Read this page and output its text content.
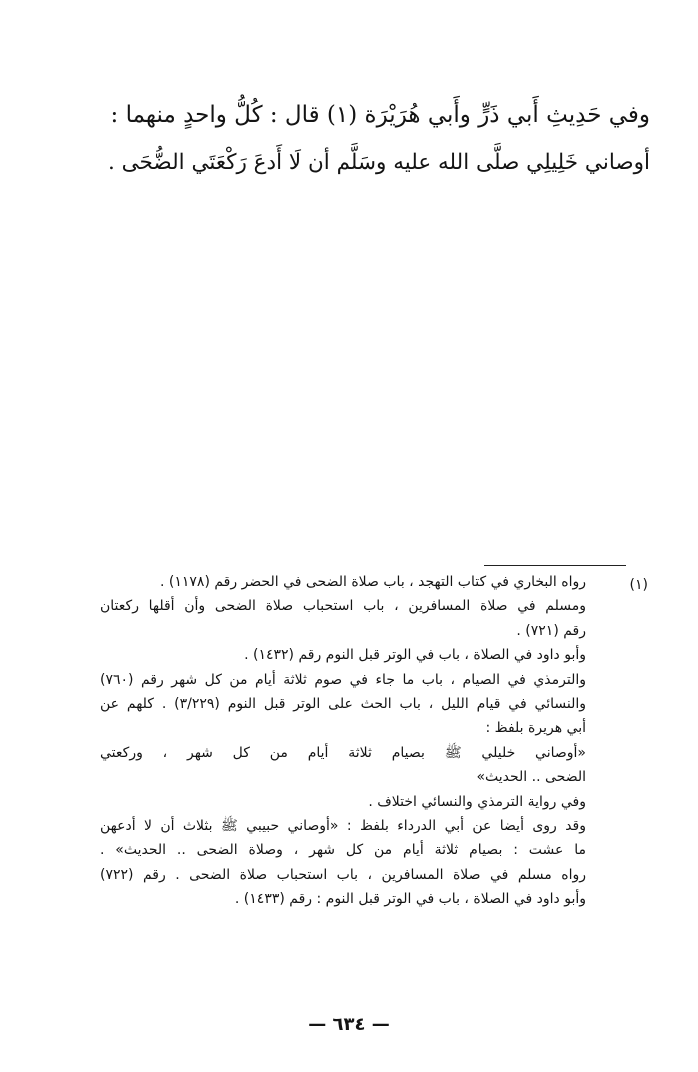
وفي حَدِيثِ أَبي ذَرٍّ وأَبي هُرَيْرَة (١) قال : كُلُّ واحدٍ منهما :
أوصاني خَلِيلِي صلَّى الله عليه وسَلَّم أن لَا أَدعَ رَكْعَتَي الضُّحَى .
(١)
رواه البخاري في كتاب التهجد ، باب صلاة الضحى في الحضر رقم (١١٧٨) .
ومسلم في صلاة المسافرين ، باب استحباب صلاة الضحى وأن أقلها ركعتان
رقم (٧٢١) .
وأبو داود في الصلاة ، باب في الوتر قبل النوم رقم (١٤٣٢) .
والترمذي في الصيام ، باب ما جاء في صوم ثلاثة أيام من كل شهر رقم (٧٦٠)
والنسائي في قيام الليل ، باب الحث على الوتر قبل النوم (٣/٢٢٩) . كلهم عن
أبي هريرة بلفظ :
«أوصاني خليلي ﷺ بصيام ثلاثة أيام من كل شهر ، وركعتي
الضحى .. الحديث»
وفي رواية الترمذي والنسائي اختلاف .
وقد روى أيضا عن أبي الدرداء بلفظ : «أوصاني حبيبي ﷺ بثلاث أن لا أدعهن
ما عشت : بصيام ثلاثة أيام من كل شهر ، وصلاة الضحى .. الحديث» .
رواه مسلم في صلاة المسافرين ، باب استحباب صلاة الضحى . رقم (٧٢٢)
وأبو داود في الصلاة ، باب في الوتر قبل النوم : رقم (١٤٣٣) .
— ٦٣٤ —
